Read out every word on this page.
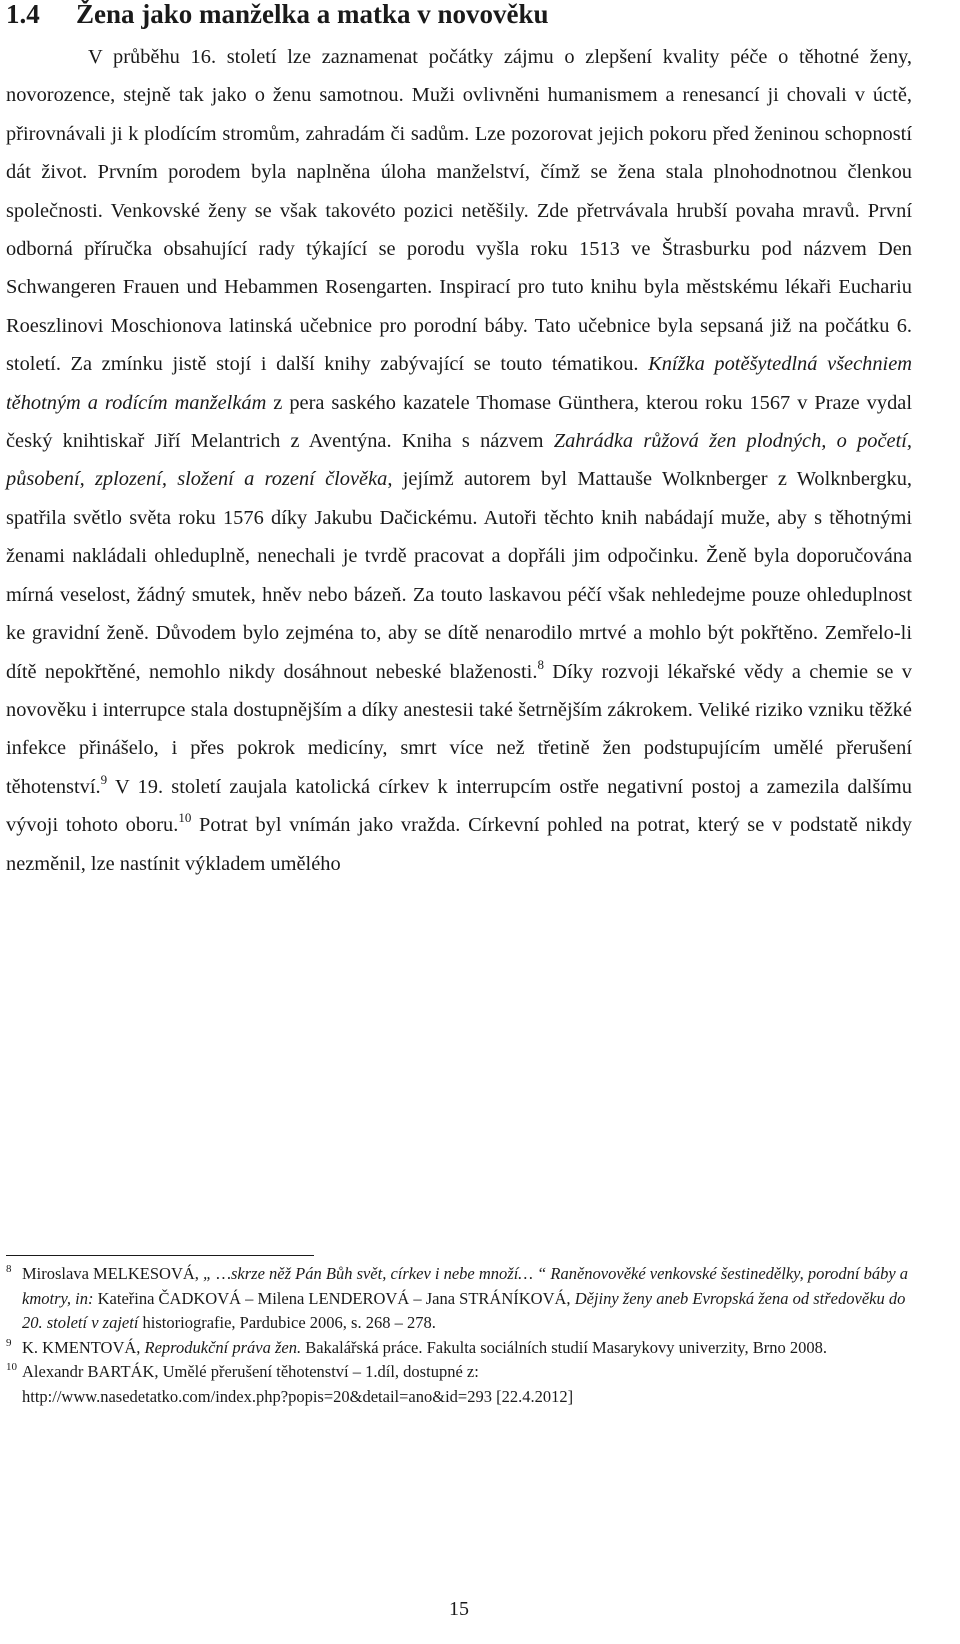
1.4 Žena jako manželka a matka v novověku

V průběhu 16. století lze zaznamenat počátky zájmu o zlepšení kvality péče o těhotné ženy, novorozence, stejně tak jako o ženu samotnou. Muži ovlivněni humanismem a renesancí ji chovali v úctě, přirovnávali ji k plodícím stromům, zahradám či sadům. Lze pozorovat jejich pokoru před ženinou schopností dát život. Prvním porodem byla naplněna úloha manželství, čímž se žena stala plnohodnotnou členkou společnosti. Venkovské ženy se však takovéto pozici netěšily. Zde přetrvávala hrubší povaha mravů. První odborná příručka obsahující rady týkající se porodu vyšla roku 1513 ve Štrasburku pod názvem Den Schwangeren Frauen und Hebammen Rosengarten. Inspirací pro tuto knihu byla městskému lékaři Euchariu Roeszlinovi Moschionova latinská učebnice pro porodní báby. Tato učebnice byla sepsaná již na počátku 6. století. Za zmínku jistě stojí i další knihy zabývající se touto tématikou. Knížka potěšytedlná všechniem těhotným a rodícím manželkám z pera saského kazatele Thomase Günthera, kterou roku 1567 v Praze vydal český knihtiskař Jiří Melantrich z Aventýna. Kniha s názvem Zahrádka růžová žen plodných, o početí, působení, zplození, složení a rození člověka, jejímž autorem byl Mattauše Wolknberger z Wolknbergku, spatřila světlo světa roku 1576 díky Jakubu Dačickému. Autoři těchto knih nabádají muže, aby s těhotnými ženami nakládali ohleduplně, nenechali je tvrdě pracovat a dopřáli jim odpočinku. Ženě byla doporučována mírná veselost, žádný smutek, hněv nebo bázeň. Za touto laskavou péčí však nehledejme pouze ohleduplnost ke gravidní ženě. Důvodem bylo zejména to, aby se dítě nenarodilo mrtvé a mohlo být pokřtěno. Zemřelo-li dítě nepokřtěné, nemohlo nikdy dosáhnout nebeské blaženosti.$^8$ Díky rozvoji lékařské vědy a chemie se v novověku i interrupce stala dostupnějším a díky anestesii také šetrnějším zákrokem. Veliké riziko vzniku těžké infekce přinášelo, i přes pokrok medicíny, smrt více než třetině žen podstupujícím umělé přerušení těhotenství.$^9$ V 19. století zaujala katolická církev k interrupcím ostře negativní postoj a zamezila dalšímu vývoji tohoto oboru.$^{10}$ Potrat byl vnímán jako vražda. Církevní pohled na potrat, který se v podstatě nikdy nezměnil, lze nastínit výkladem umělého

$^8$ Miroslava MELKESOVÁ, „ …skrze něž Pán Bůh svět, církev i nebe množí… “ Raněnovověké venkovské šestinedělky, porodní báby a kmotry, in: Kateřina ČADKOVÁ – Milena LENDEROVÁ – Jana STRÁNÍKOVÁ, Dějiny ženy aneb Evropská žena od středověku do 20. století v zajetí historiografie, Pardubice 2006, s. 268 – 278.

$^9$ K. KMENTOVÁ, Reprodukční práva žen. Bakalářská práce. Fakulta sociálních studií Masarykovy univerzity, Brno 2008.

$^{10}$ Alexandr BARTÁK, Umělé přerušení těhotenství – 1.díl, dostupné z:
http://www.nasedetatko.com/index.php?popis=20&detail=ano&id=293 [22.4.2012]

15
